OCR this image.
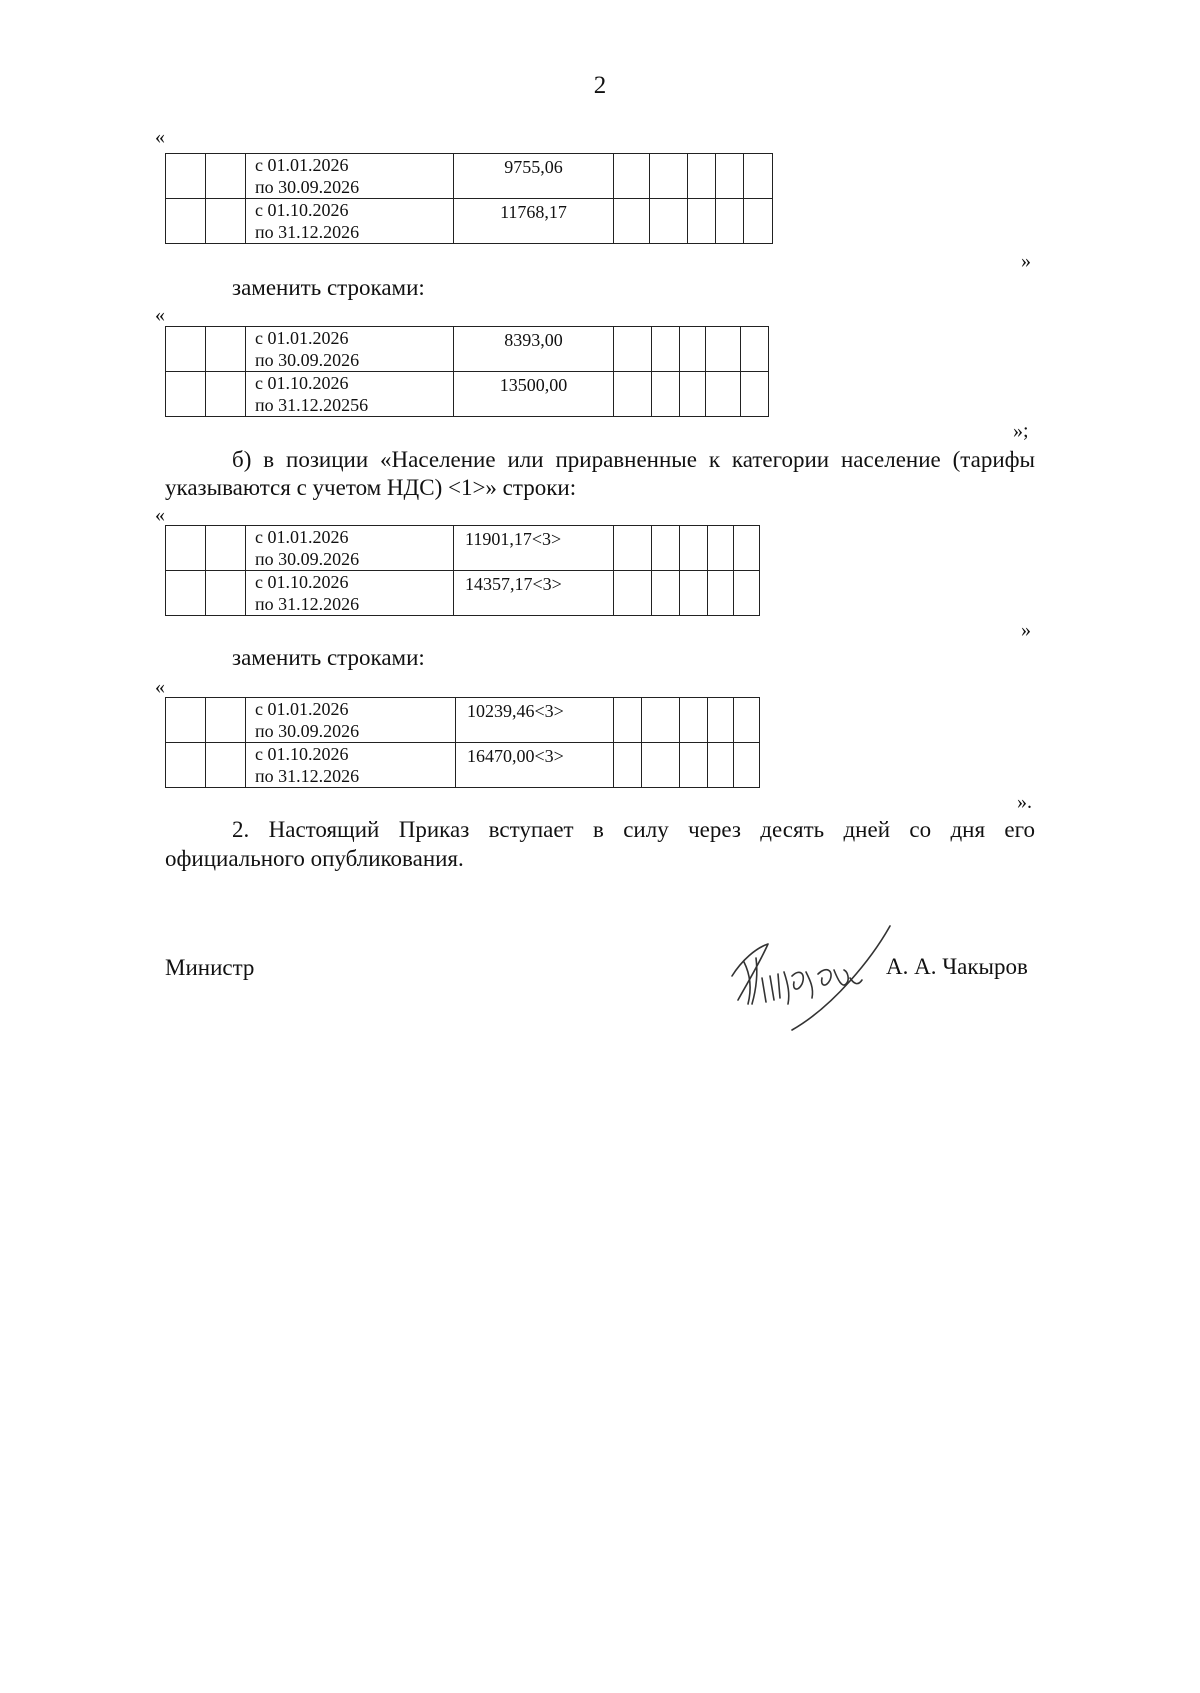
2
«

		с 01.01.2026
по 30.09.2026	9755,06					

		с 01.10.2026
по 31.12.2026	11768,17					
»
заменить строками:
«

		с 01.01.2026
по 30.09.2026	8393,00					

		с 01.10.2026
по 31.12.20256	13500,00					
»;
б) в позиции «Население или приравненные к категории население (тарифы
указываются с учетом НДС) <1>» строки:
«

		с 01.01.2026
по 30.09.2026	11901,17<3>					

		с 01.10.2026
по 31.12.2026	14357,17<3>					
»
заменить строками:
«

		с 01.01.2026
по 30.09.2026	10239,46<3>					

		с 01.10.2026
по 31.12.2026	16470,00<3>					
».
2. Настоящий Приказ вступает в силу через десять дней со дня его
официального опубликования.
Министр	А. А. Чакыров
